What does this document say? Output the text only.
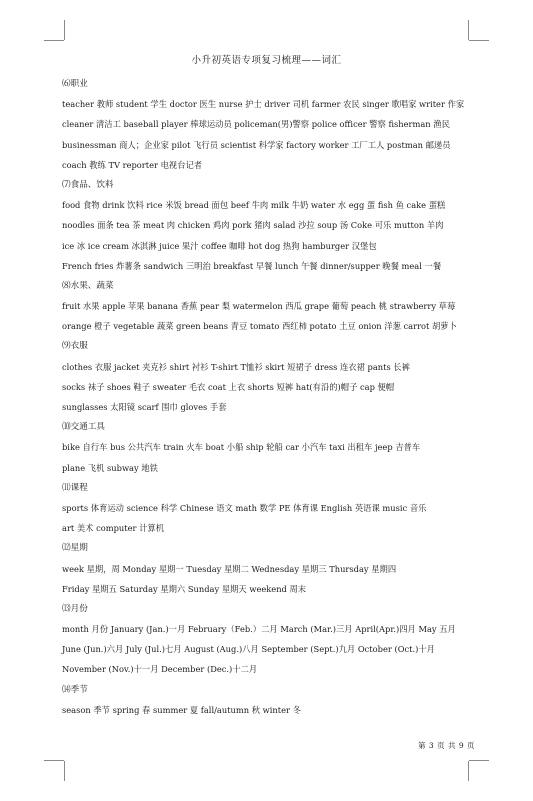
小升初英语专项复习梳理——词汇
⑹职业
teacher 教师 student 学生 doctor 医生 nurse 护士 driver 司机 farmer 农民 singer 歌唱家 writer 作家
cleaner 清洁工 baseball player 棒球运动员 policeman(男)警察 police officer 警察 fisherman 渔民
businessman 商人；企业家 pilot 飞行员 scientist 科学家 factory worker 工厂工人 postman 邮递员
coach 教练 TV reporter 电视台记者
⑺食品、饮料
food 食物 drink 饮料 rice 米饭 bread 面包 beef 牛肉 milk 牛奶 water 水 egg 蛋 fish 鱼 cake 蛋糕
noodles 面条 tea 茶 meat 肉 chicken 鸡肉 pork 猪肉 salad 沙拉 soup 汤 Coke 可乐 mutton 羊肉
ice 冰 ice cream 冰淇淋 juice 果汁 coffee 咖啡 hot dog 热狗 hamburger 汉堡包
French fries 炸薯条 sandwich 三明治 breakfast 早餐 lunch 午餐 dinner/supper 晚餐 meal 一餐
⑻水果、蔬菜
fruit 水果 apple 苹果 banana 香蕉 pear 梨 watermelon 西瓜 grape 葡萄 peach 桃 strawberry 草莓
orange 橙子 vegetable 蔬菜 green beans 青豆 tomato 西红柿 potato 土豆 onion 洋葱 carrot 胡萝卜
⑼衣服
clothes 衣服 jacket 夹克衫 shirt 衬衫 T-shirt T恤衫 skirt 短裙子 dress 连衣裙 pants 长裤
socks 袜子 shoes 鞋子 sweater 毛衣 coat 上衣 shorts 短裤 hat(有沿的)帽子 cap 便帽
sunglasses 太阳镜 scarf 围巾 gloves 手套
⑽交通工具
bike 自行车 bus 公共汽车 train 火车 boat 小船 ship 轮船 car 小汽车 taxi 出租车 jeep 吉普车
plane 飞机 subway 地铁
⑾课程
sports 体育运动 science 科学 Chinese 语文 math 数学 PE 体育课 English 英语课 music 音乐
art 美术 computer 计算机
⑿星期
week 星期，周 Monday 星期一 Tuesday 星期二 Wednesday 星期三 Thursday 星期四
Friday 星期五 Saturday 星期六 Sunday 星期天 weekend 周末
⒀月份
month 月份 January (Jan.)一月 February（Feb.）二月 March (Mar.)三月 April(Apr.)四月 May 五月
June (Jun.)六月 July (Jul.)七月 August (Aug.)八月 September (Sept.)九月 October (Oct.)十月
November (Nov.)十一月 December (Dec.)十二月
⒁季节
season 季节 spring 春 summer 夏 fall/autumn 秋 winter 冬
第 3 页 共 9 页
